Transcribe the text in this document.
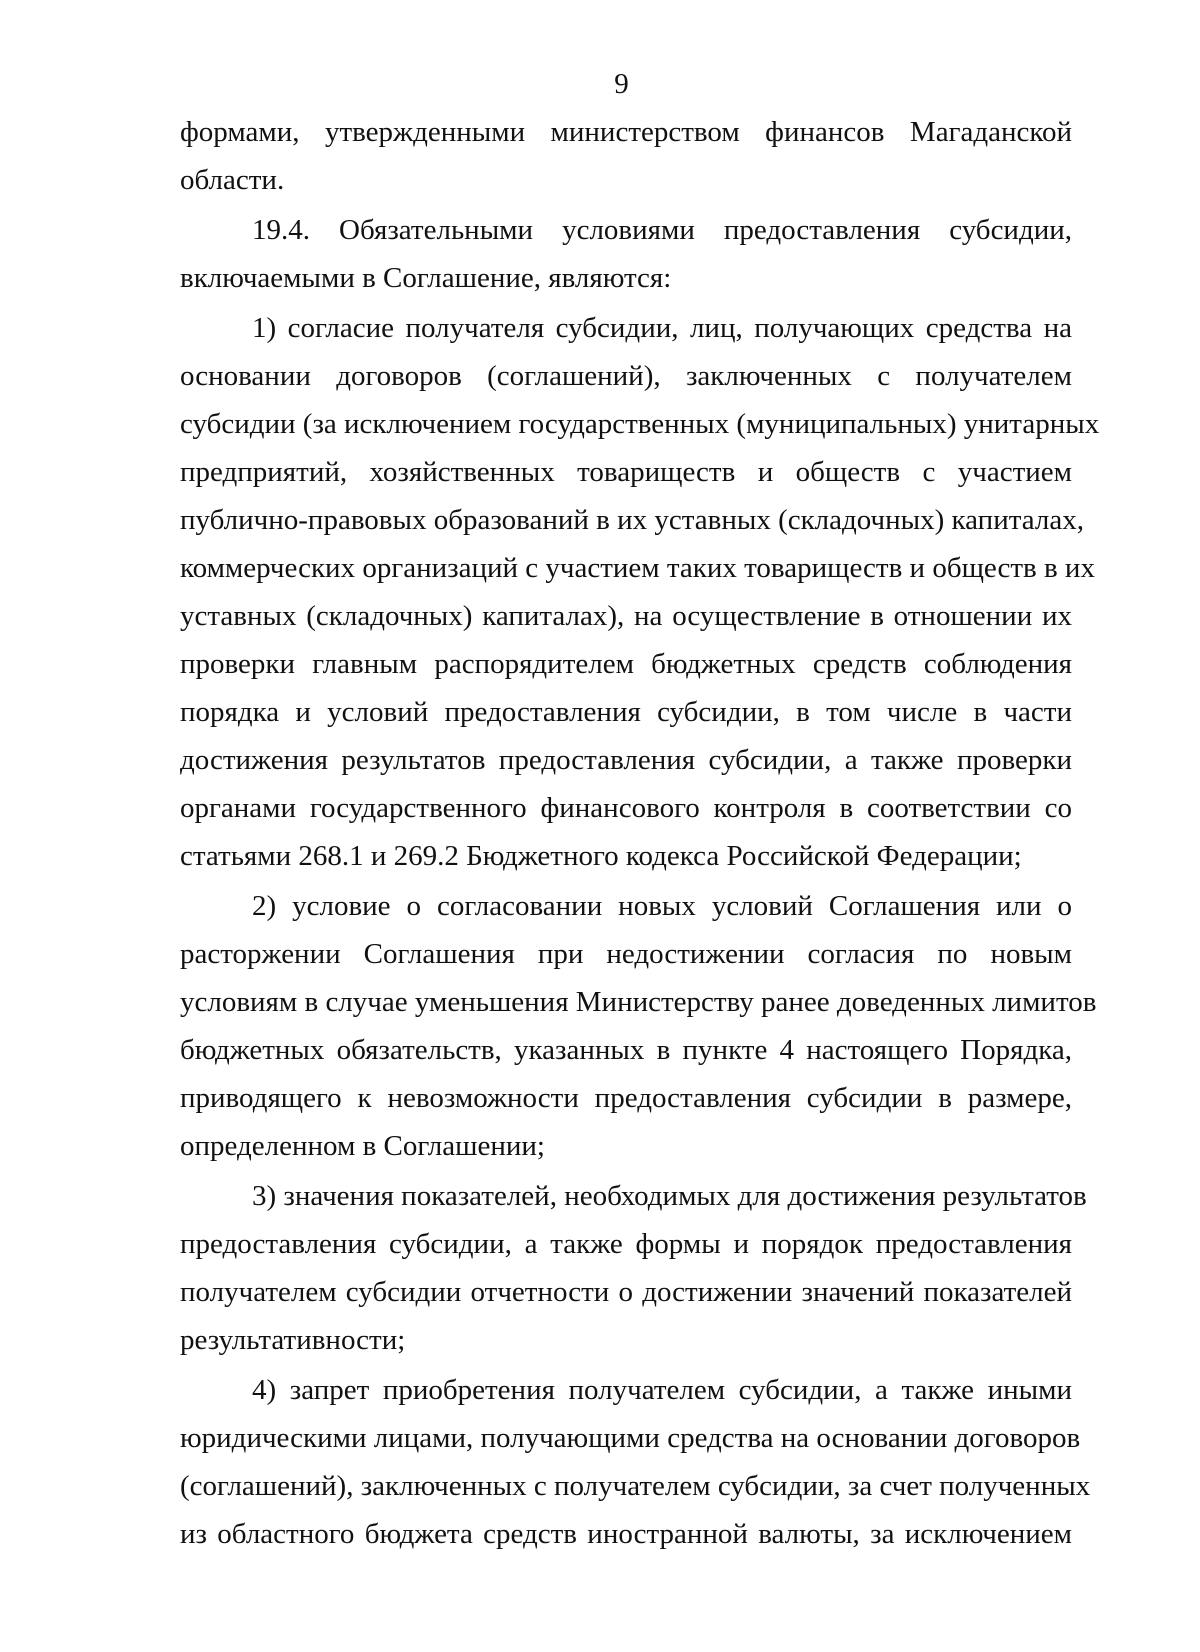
9
формами, утвержденными министерством финансов Магаданской
области.
19.4. Обязательными условиями предоставления субсидии,
включаемыми в Соглашение, являются:
1) согласие получателя субсидии, лиц, получающих средства на
основании договоров (соглашений), заключенных с получателем
субсидии (за исключением государственных (муниципальных) унитарных
предприятий, хозяйственных товариществ и обществ с участием
публично-правовых образований в их уставных (складочных) капиталах,
коммерческих организаций с участием таких товариществ и обществ в их
уставных (складочных) капиталах), на осуществление в отношении их
проверки главным распорядителем бюджетных средств соблюдения
порядка и условий предоставления субсидии, в том числе в части
достижения результатов предоставления субсидии, а также проверки
органами государственного финансового контроля в соответствии со
статьями 268.1 и 269.2 Бюджетного кодекса Российской Федерации;
2) условие о согласовании новых условий Соглашения или о
расторжении Соглашения при недостижении согласия по новым
условиям в случае уменьшения Министерству ранее доведенных лимитов
бюджетных обязательств, указанных в пункте 4 настоящего Порядка,
приводящего к невозможности предоставления субсидии в размере,
определенном в Соглашении;
3) значения показателей, необходимых для достижения результатов
предоставления субсидии, а также формы и порядок предоставления
получателем субсидии отчетности о достижении значений показателей
результативности;
4) запрет приобретения получателем субсидии, а также иными
юридическими лицами, получающими средства на основании договоров
(соглашений), заключенных с получателем субсидии, за счет полученных
из областного бюджета средств иностранной валюты, за исключением
